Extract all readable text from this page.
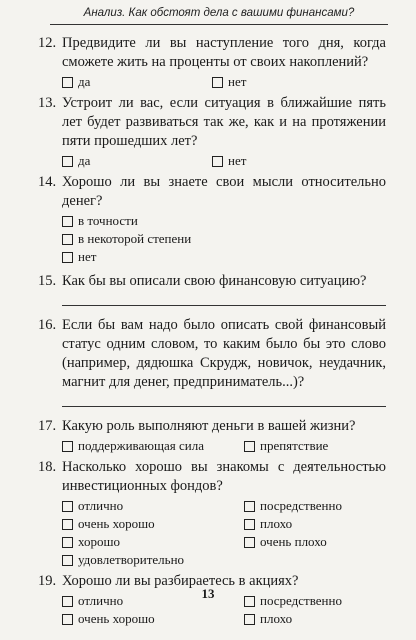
Анализ. Как обстоят дела с вашими финансами?
12. Предвидите ли вы наступление того дня, когда сможете жить на проценты от своих накоплений?
да	нет
13. Устроит ли вас, если ситуация в ближайшие пять лет будет развиваться так же, как и на протяжении пяти прошедших лет?
да	нет
14. Хорошо ли вы знаете свои мысли относительно денег?
в точности
в некоторой степени
нет
15. Как бы вы описали свою финансовую ситуацию?
16. Если бы вам надо было описать свой финансовый статус одним словом, то каким было бы это слово (например, дядюшка Скрудж, новичок, неудачник, магнит для денег, предприниматель...)?
17. Какую роль выполняют деньги в вашей жизни?
поддерживающая сила	препятствие
18. Насколько хорошо вы знакомы с деятельностью инвестиционных фондов?
отлично
очень хорошо
хорошо
удовлетворительно
посредственно
плохо
очень плохо
19. Хорошо ли вы разбираетесь в акциях?
отлично
очень хорошо
посредственно
плохо
13
